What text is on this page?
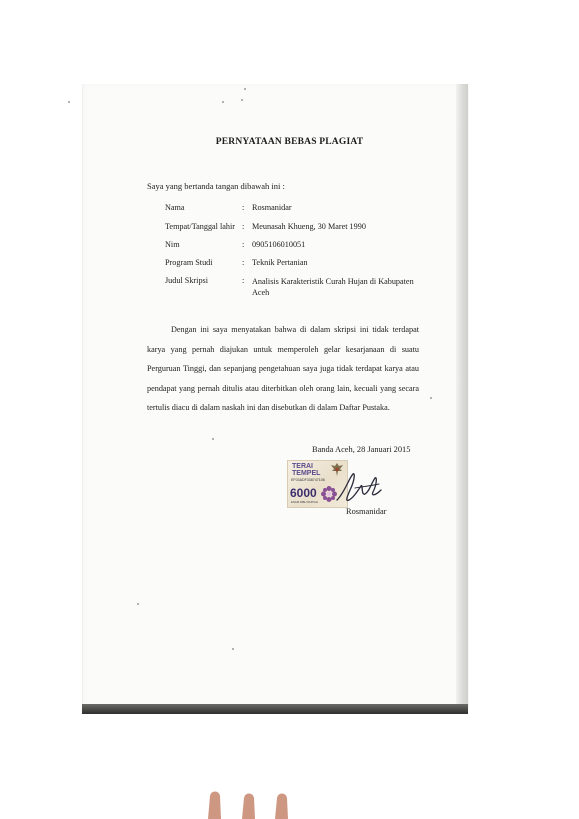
PERNYATAAN BEBAS PLAGIAT
Saya yang bertanda tangan dibawah ini :
Nama	: Rosmanidar
Tempat/Tanggal lahir : Meunasah Khueng, 30 Maret 1990
Nim	: 0905106010051
Program Studi	: Teknik Pertanian
Judul Skripsi	: Analisis Karakteristik Curah Hujan di Kabupaten Aceh
Dengan ini saya menyatakan bahwa di dalam skripsi ini tidak terdapat karya yang pernah diajukan untuk memperoleh gelar kesarjanaan di suatu Perguruan Tinggi, dan sepanjang pengetahuan saya juga tidak terdapat karya atau pendapat yang pernah ditulis atau diterbitkan oleh orang lain, kecuali yang secara tertulis diacu di dalam naskah ini dan disebutkan di dalam Daftar Pustaka.
Banda Aceh, 28 Januari 2015
TERAI
TEMPEL
EF03ADF338747106
6000
ENAM RIBU RUPIAH
Rosmanidar
